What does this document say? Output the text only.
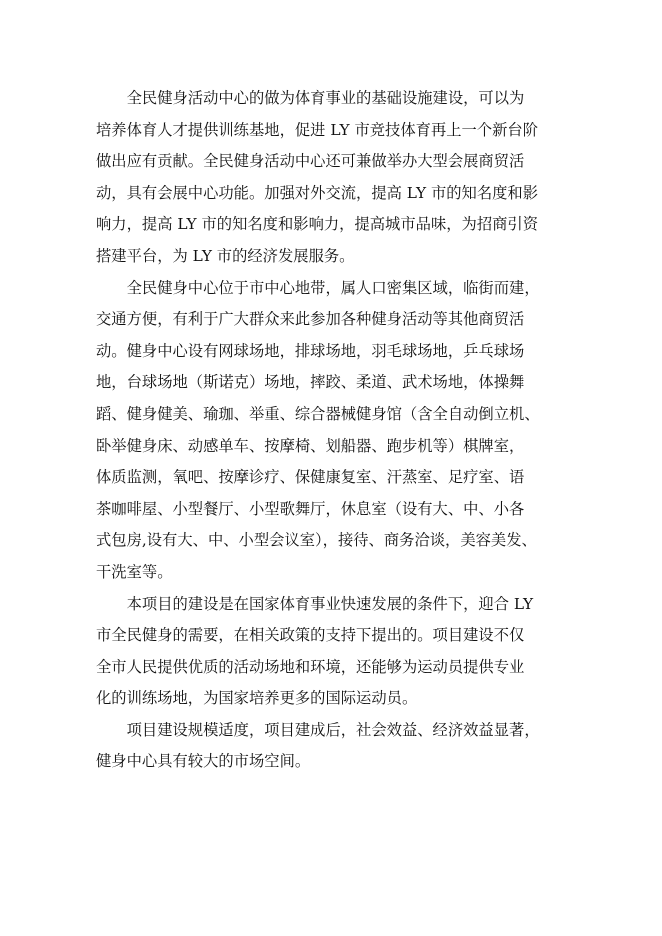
全民健身活动中心的做为体育事业的基础设施建设，可以为
培养体育人才提供训练基地，促进 LY 市竞技体育再上一个新台阶
做出应有贡献。全民健身活动中心还可兼做举办大型会展商贸活
动，具有会展中心功能。加强对外交流，提高 LY 市的知名度和影
响力，提高 LY 市的知名度和影响力，提高城市品味，为招商引资
搭建平台，为 LY 市的经济发展服务。

全民健身中心位于市中心地带，属人口密集区域，临街而建，
交通方便，有利于广大群众来此参加各种健身活动等其他商贸活
动。健身中心设有网球场地，排球场地，羽毛球场地，乒乓球场
地，台球场地（斯诺克）场地，摔跤、柔道、武术场地，体操舞
蹈、健身健美、瑜珈、举重、综合器械健身馆（含全自动倒立机、
卧举健身床、动感单车、按摩椅、划船器、跑步机等）棋牌室，
体质监测，氧吧、按摩诊疗、保健康复室、汗蒸室、足疗室、语
茶咖啡屋、小型餐厅、小型歌舞厅，休息室（设有大、中、小各
式包房,设有大、中、小型会议室），接待、商务洽谈，美容美发、
干洗室等。

本项目的建设是在国家体育事业快速发展的条件下，迎合 LY
市全民健身的需要，在相关政策的支持下提出的。项目建设不仅
全市人民提供优质的活动场地和环境，还能够为运动员提供专业
化的训练场地，为国家培养更多的国际运动员。

项目建设规模适度，项目建成后，社会效益、经济效益显著，
健身中心具有较大的市场空间。
